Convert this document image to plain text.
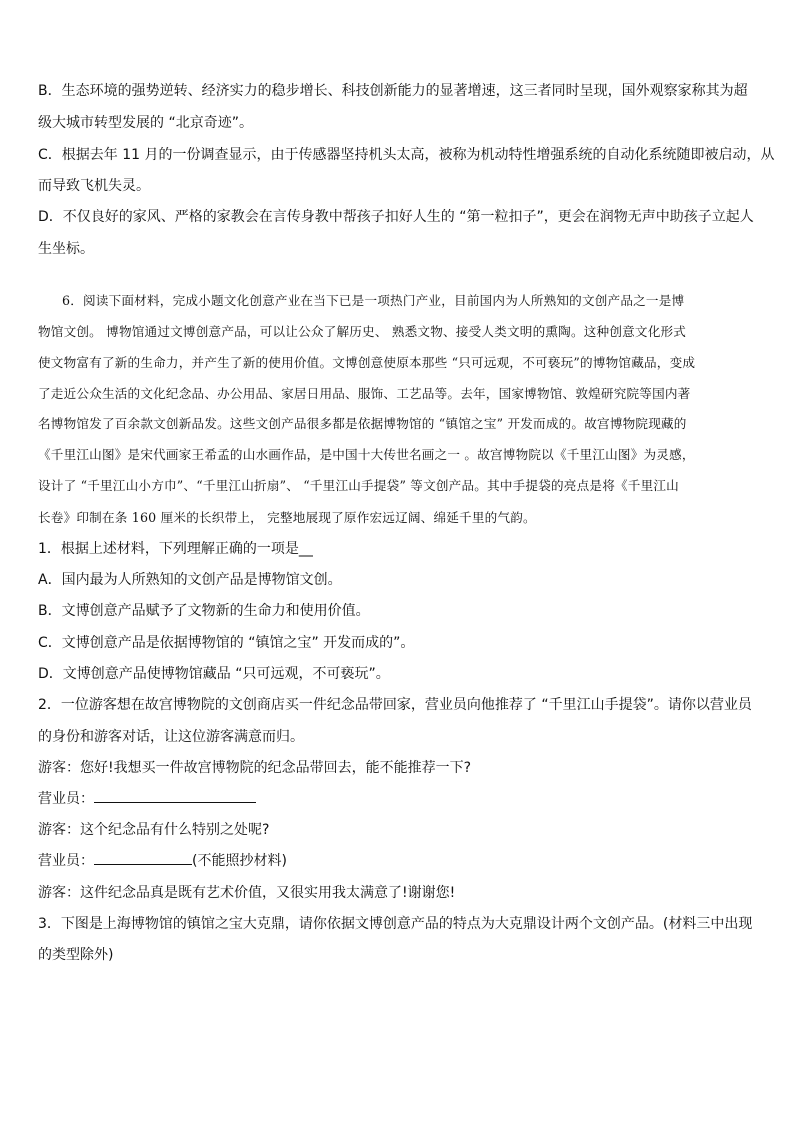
B．生态环境的强势逆转、经济实力的稳步增长、科技创新能力的显著增速，这三者同时呈现，国外观察家称其为超
级大城市转型发展的 “北京奇迹”。
C．根据去年 11 月的一份调查显示，由于传感器坚持机头太高，被称为机动特性增强系统的自动化系统随即被启动，从
而导致飞机失灵。
D．不仅良好的家风、严格的家教会在言传身教中帮孩子扣好人生的 “第一粒扣子”，更会在润物无声中助孩子立起人
生坐标。
6．阅读下面材料，完成小题文化创意产业在当下已是一项热门产业，目前国内为人所熟知的文创产品之一是博
物馆文创。 博物馆通过文博创意产品，可以让公众了解历史、 熟悉文物、接受人类文明的熏陶。这种创意文化形式
使文物富有了新的生命力，并产生了新的使用价值。文博创意使原本那些 “只可远观，不可亵玩”的博物馆藏品，变成
了走近公众生活的文化纪念品、办公用品、家居日用品、服饰、工艺品等。去年，国家博物馆、敦煌研究院等国内著
名博物馆发了百余款文创新品发。这些文创产品很多都是依据博物馆的 “镇馆之宝” 开发而成的。故宫博物院现藏的
《千里江山图》是宋代画家王希孟的山水画作品，是中国十大传世名画之一 。故宫博物院以《千里江山图》为灵感，
设计了 “千里江山小方巾”、“千里江山折扇”、 “千里江山手提袋” 等文创产品。其中手提袋的亮点是将《千里江山
长卷》印制在条 160 厘米的长织带上， 完整地展现了原作宏远辽阔、绵延千里的气韵。
1．根据上述材料，下列理解正确的一项是__
A．国内最为人所熟知的文创产品是博物馆文创。
B．文博创意产品赋予了文物新的生命力和使用价值。
C．文博创意产品是依据博物馆的 “镇馆之宝” 开发而成的”。
D．文博创意产品使博物馆藏品 “只可远观，不可亵玩”。
2．一位游客想在故宫博物院的文创商店买一件纪念品带回家，营业员向他推荐了 “千里江山手提袋”。请你以营业员
的身份和游客对话，让这位游客满意而归。
游客：您好!我想买一件故宫博物院的纪念品带回去，能不能推荐一下?
营业员：
游客：这个纪念品有什么特别之处呢?
营业员：	(不能照抄材料)
游客：这件纪念品真是既有艺术价值，又很实用我太满意了!谢谢您!
3．下图是上海博物馆的镇馆之宝大克鼎，请你依据文博创意产品的特点为大克鼎设计两个文创产品。(材料三中出现
的类型除外)
